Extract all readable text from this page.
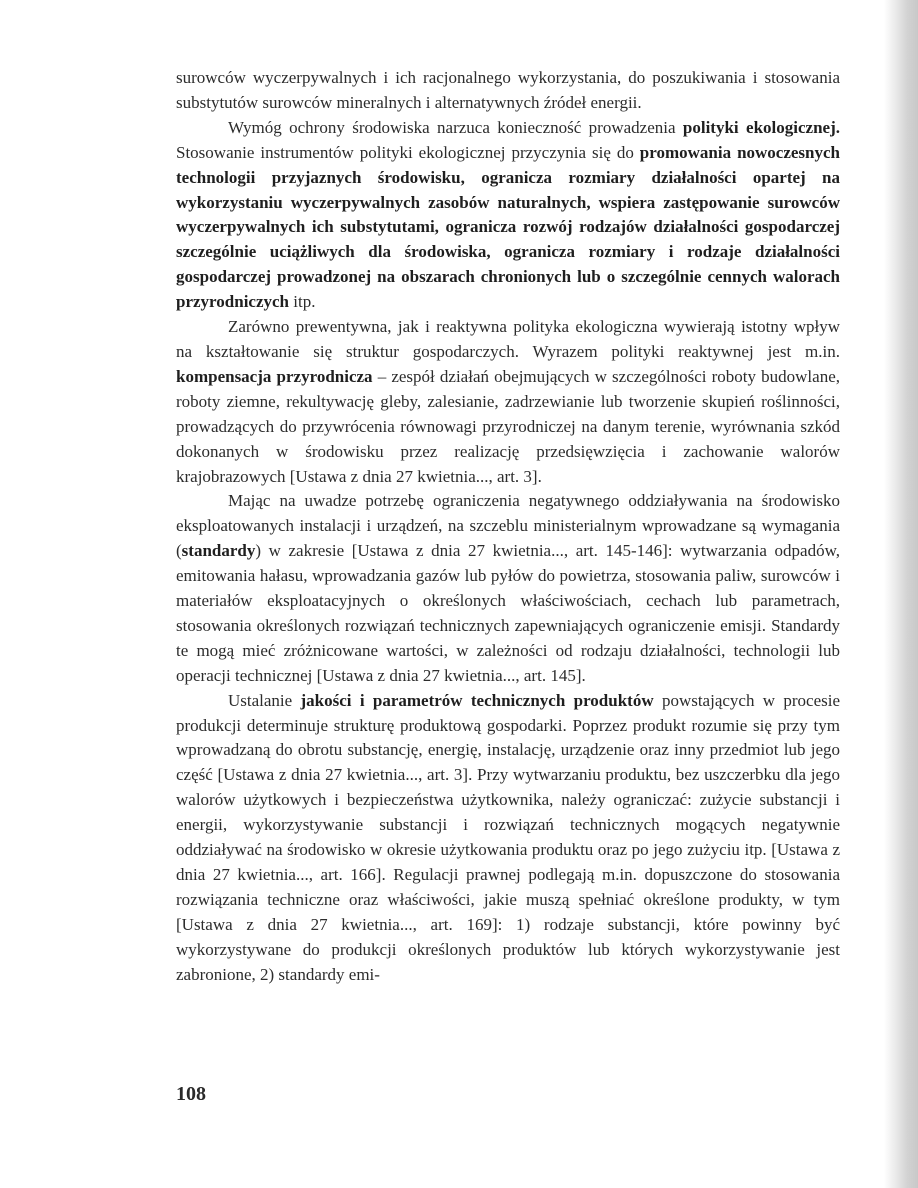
surowców wyczerpywalnych i ich racjonalnego wykorzystania, do poszukiwania i stosowania substytutów surowców mineralnych i alternatywnych źródeł energii.

Wymóg ochrony środowiska narzuca konieczność prowadzenia polityki ekologicznej. Stosowanie instrumentów polityki ekologicznej przyczynia się do promowania nowoczesnych technologii przyjaznych środowisku, ogranicza rozmiary działalności opartej na wykorzystaniu wyczerpywalnych zasobów naturalnych, wspiera zastępowanie surowców wyczerpywalnych ich substytutami, ogranicza rozwój rodzajów działalności gospodarczej szczególnie uciążliwych dla środowiska, ogranicza rozmiary i rodzaje działalności gospodarczej prowadzonej na obszarach chronionych lub o szczególnie cennych walorach przyrodniczych itp.

Zarówno prewentywna, jak i reaktywna polityka ekologiczna wywierają istotny wpływ na kształtowanie się struktur gospodarczych. Wyrazem polityki reaktywnej jest m.in. kompensacja przyrodnicza – zespół działań obejmujących w szczególności roboty budowlane, roboty ziemne, rekultywację gleby, zalesianie, zadrzewianie lub tworzenie skupień roślinności, prowadzących do przywrócenia równowagi przyrodniczej na danym terenie, wyrównania szkód dokonanych w środowisku przez realizację przedsięwzięcia i zachowanie walorów krajobrazowych [Ustawa z dnia 27 kwietnia..., art. 3].

Mając na uwadze potrzebę ograniczenia negatywnego oddziaływania na środowisko eksploatowanych instalacji i urządzeń, na szczeblu ministerialnym wprowadzane są wymagania (standardy) w zakresie [Ustawa z dnia 27 kwietnia..., art. 145-146]: wytwarzania odpadów, emitowania hałasu, wprowadzania gazów lub pyłów do powietrza, stosowania paliw, surowców i materiałów eksploatacyjnych o określonych właściwościach, cechach lub parametrach, stosowania określonych rozwiązań technicznych zapewniających ograniczenie emisji. Standardy te mogą mieć zróżnicowane wartości, w zależności od rodzaju działalności, technologii lub operacji technicznej [Ustawa z dnia 27 kwietnia..., art. 145].

Ustalanie jakości i parametrów technicznych produktów powstających w procesie produkcji determinuje strukturę produktową gospodarki. Poprzez produkt rozumie się przy tym wprowadzaną do obrotu substancję, energię, instalację, urządzenie oraz inny przedmiot lub jego część [Ustawa z dnia 27 kwietnia..., art. 3]. Przy wytwarzaniu produktu, bez uszczerbku dla jego walorów użytkowych i bezpieczeństwa użytkownika, należy ograniczać: zużycie substancji i energii, wykorzystywanie substancji i rozwiązań technicznych mogących negatywnie oddziaływać na środowisko w okresie użytkowania produktu oraz po jego zużyciu itp. [Ustawa z dnia 27 kwietnia..., art. 166]. Regulacji prawnej podlegają m.in. dopuszczone do stosowania rozwiązania techniczne oraz właściwości, jakie muszą spełniać określone produkty, w tym [Ustawa z dnia 27 kwietnia..., art. 169]: 1) rodzaje substancji, które powinny być wykorzystywane do produkcji określonych produktów lub których wykorzystywanie jest zabronione, 2) standardy emi-

108
